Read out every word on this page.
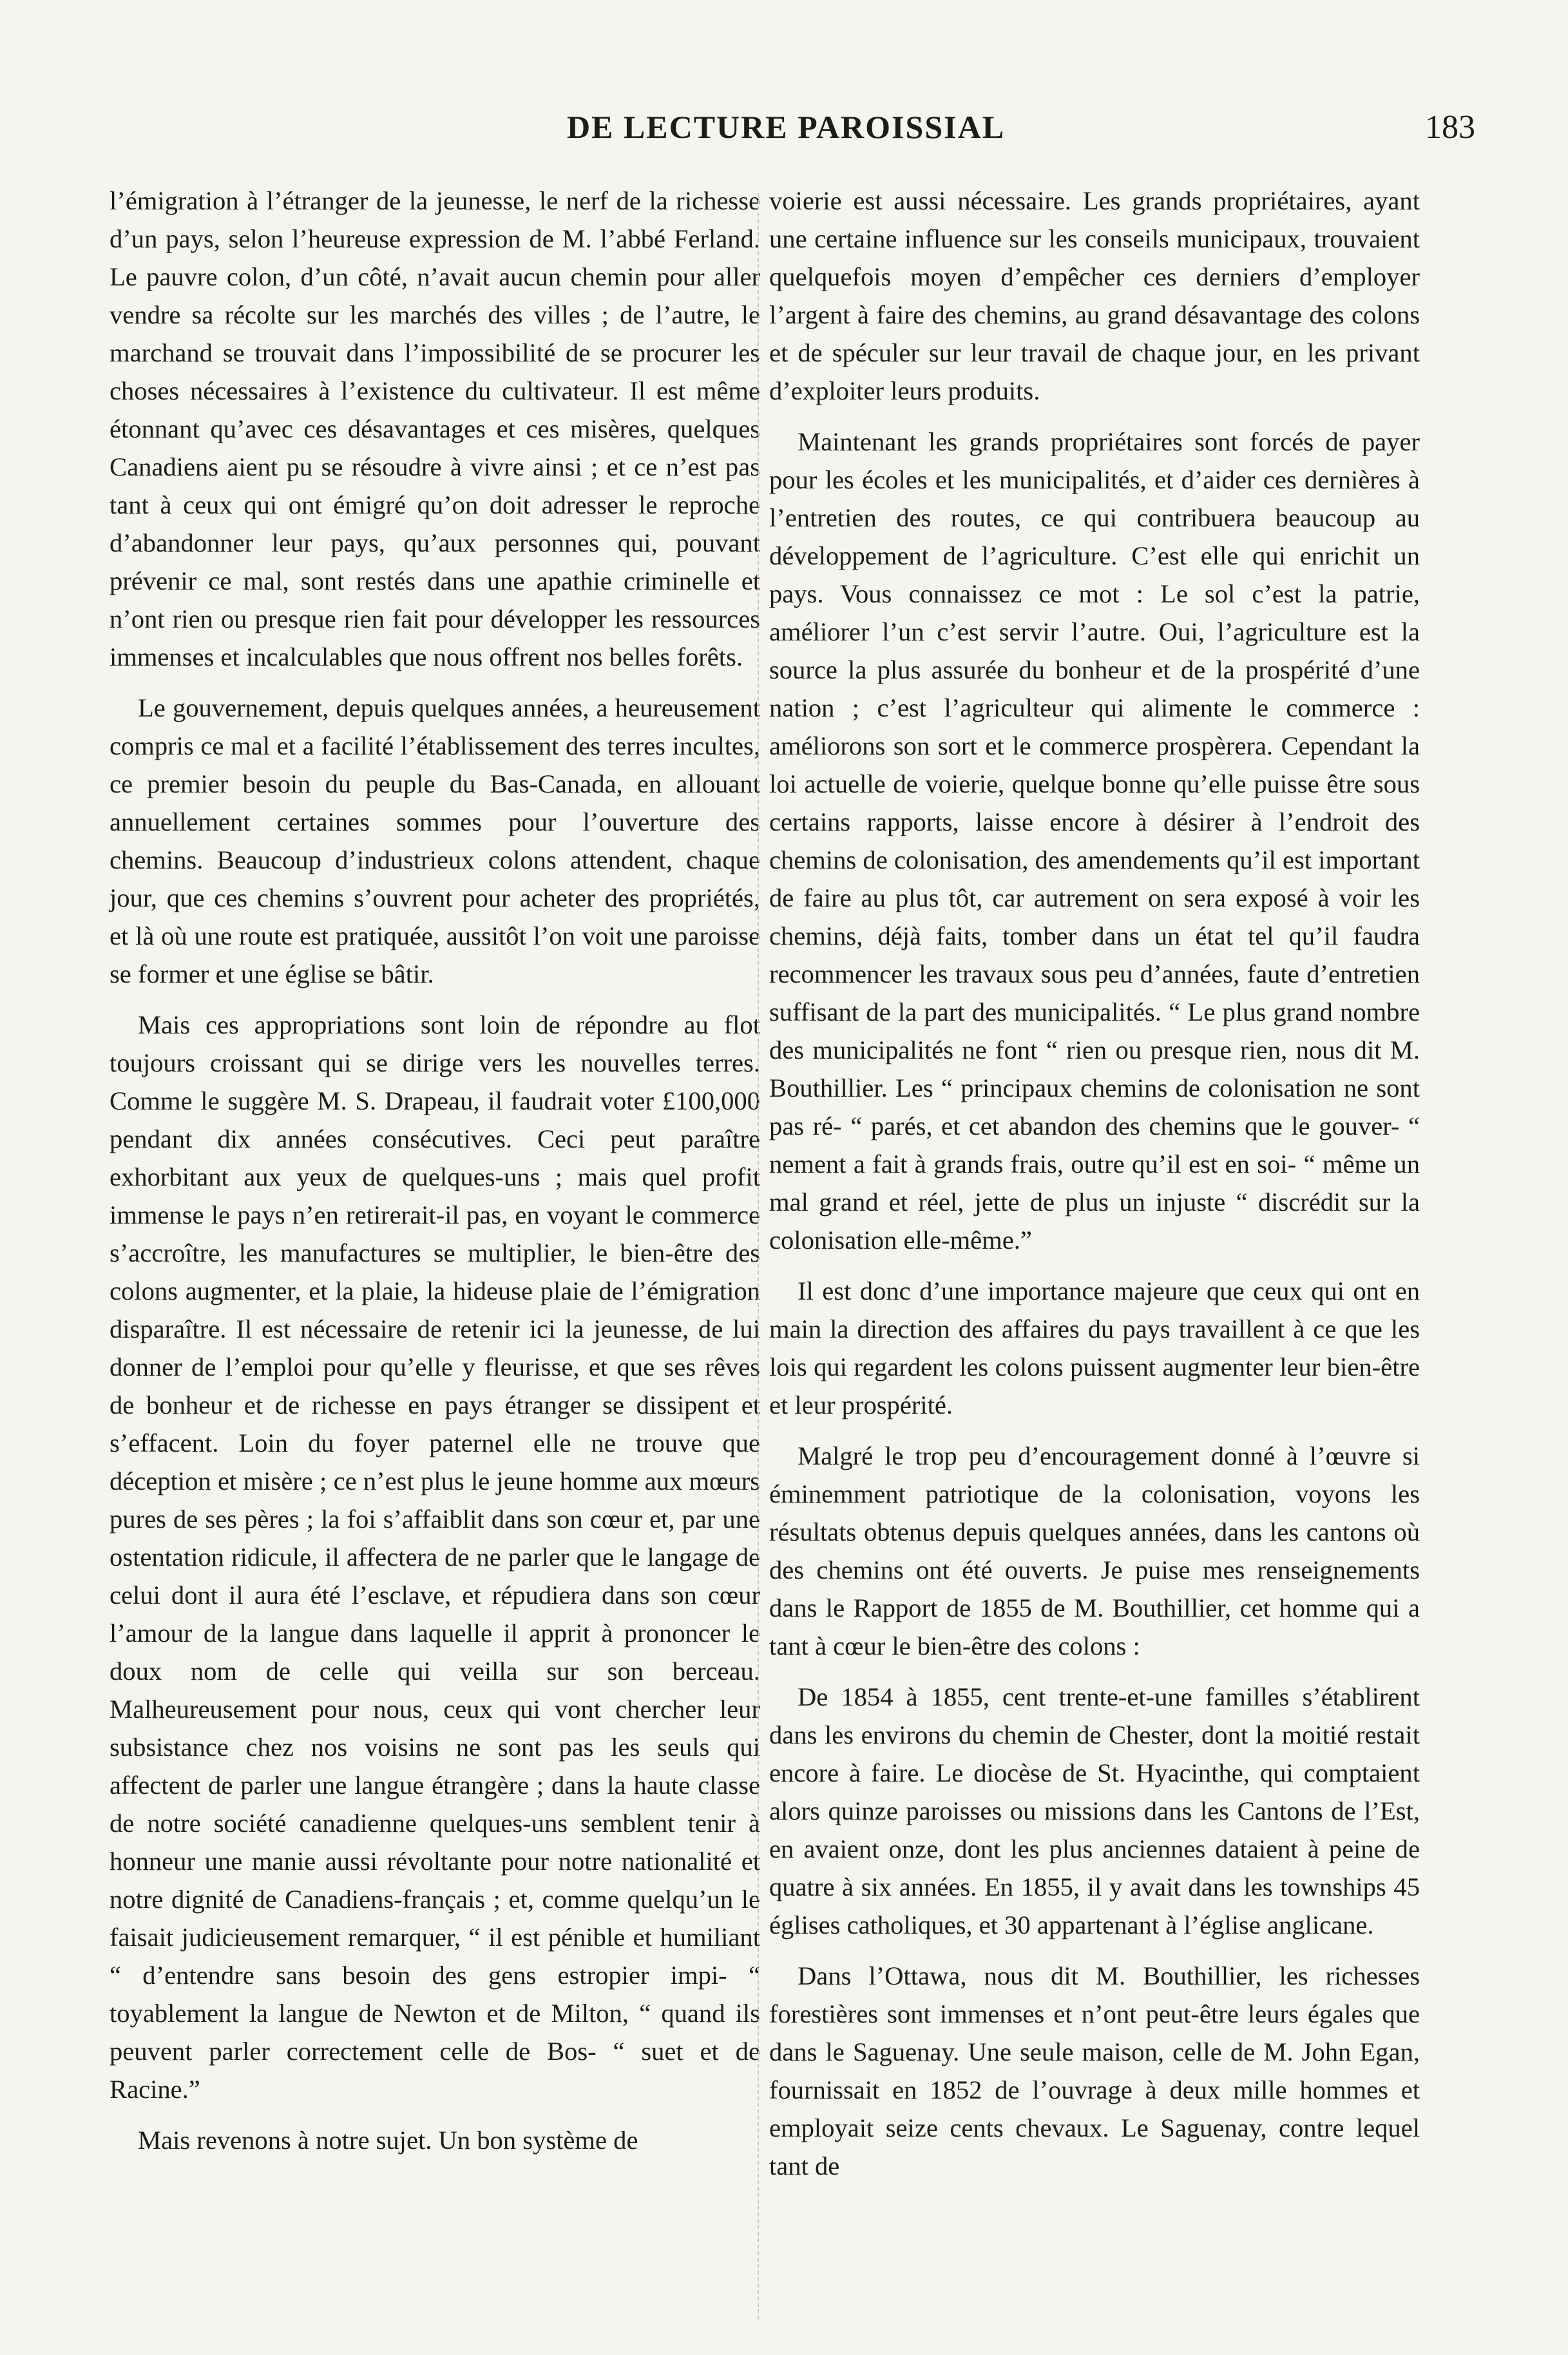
DE LECTURE PAROISSIAL	183

l’émigration à l’étranger de la jeunesse, le nerf de la richesse d’un pays, selon l’heureuse expression de M. l’abbé Ferland. Le pauvre colon, d’un côté, n’avait aucun chemin pour aller vendre sa récolte sur les marchés des villes ; de l’autre, le marchand se trouvait dans l’impossibilité de se procurer les choses nécessaires à l’existence du cultivateur. Il est même étonnant qu’avec ces désavantages et ces misères, quelques Canadiens aient pu se résoudre à vivre ainsi ; et ce n’est pas tant à ceux qui ont émigré qu’on doit adresser le reproche d’abandonner leur pays, qu’aux personnes qui, pouvant prévenir ce mal, sont restés dans une apathie criminelle et n’ont rien ou presque rien fait pour développer les ressources immenses et incalculables que nous offrent nos belles forêts.

Le gouvernement, depuis quelques années, a heureusement compris ce mal et a facilité l’établissement des terres incultes, ce premier besoin du peuple du Bas-Canada, en allouant annuellement certaines sommes pour l’ouverture des chemins. Beaucoup d’industrieux colons attendent, chaque jour, que ces chemins s’ouvrent pour acheter des propriétés, et là où une route est pratiquée, aussitôt l’on voit une paroisse se former et une église se bâtir.

Mais ces appropriations sont loin de répondre au flot toujours croissant qui se dirige vers les nouvelles terres. Comme le suggère M. S. Drapeau, il faudrait voter £100,000 pendant dix années consécutives. Ceci peut paraître exhorbitant aux yeux de quelques-uns ; mais quel profit immense le pays n’en retirerait-il pas, en voyant le commerce s’accroître, les manufactures se multiplier, le bien-être des colons augmenter, et la plaie, la hideuse plaie de l’émigration disparaître. Il est nécessaire de retenir ici la jeunesse, de lui donner de l’emploi pour qu’elle y fleurisse, et que ses rêves de bonheur et de richesse en pays étranger se dissipent et s’effacent. Loin du foyer paternel elle ne trouve que déception et misère ; ce n’est plus le jeune homme aux mœurs pures de ses pères ; la foi s’affaiblit dans son cœur et, par une ostentation ridicule, il affectera de ne parler que le langage de celui dont il aura été l’esclave, et répudiera dans son cœur l’amour de la langue dans laquelle il apprit à prononcer le doux nom de celle qui veilla sur son berceau. Malheureusement pour nous, ceux qui vont chercher leur subsistance chez nos voisins ne sont pas les seuls qui affectent de parler une langue étrangère ; dans la haute classe de notre société canadienne quelques-uns semblent tenir à honneur une manie aussi révoltante pour notre nationalité et notre dignité de Canadiens-français ; et, comme quelqu’un le faisait judicieusement remarquer, “ il est pénible et humiliant “ d’entendre sans besoin des gens estropier impi- “ toyablement la langue de Newton et de Milton, “ quand ils peuvent parler correctement celle de Bos- “ suet et de Racine.”

Mais revenons à notre sujet. Un bon système de

voierie est aussi nécessaire. Les grands propriétaires, ayant une certaine influence sur les conseils municipaux, trouvaient quelquefois moyen d’empêcher ces derniers d’employer l’argent à faire des chemins, au grand désavantage des colons et de spéculer sur leur travail de chaque jour, en les privant d’exploiter leurs produits.

Maintenant les grands propriétaires sont forcés de payer pour les écoles et les municipalités, et d’aider ces dernières à l’entretien des routes, ce qui contribuera beaucoup au développement de l’agriculture. C’est elle qui enrichit un pays. Vous connaissez ce mot : Le sol c’est la patrie, améliorer l’un c’est servir l’autre. Oui, l’agriculture est la source la plus assurée du bonheur et de la prospérité d’une nation ; c’est l’agriculteur qui alimente le commerce : améliorons son sort et le commerce prospèrera. Cependant la loi actuelle de voierie, quelque bonne qu’elle puisse être sous certains rapports, laisse encore à désirer à l’endroit des chemins de colonisation, des amendements qu’il est important de faire au plus tôt, car autrement on sera exposé à voir les chemins, déjà faits, tomber dans un état tel qu’il faudra recommencer les travaux sous peu d’années, faute d’entretien suffisant de la part des municipalités. “ Le plus grand nombre des municipalités ne font “ rien ou presque rien, nous dit M. Bouthillier. Les “ principaux chemins de colonisation ne sont pas ré- “ parés, et cet abandon des chemins que le gouver- “ nement a fait à grands frais, outre qu’il est en soi- “ même un mal grand et réel, jette de plus un injuste “ discrédit sur la colonisation elle-même.”

Il est donc d’une importance majeure que ceux qui ont en main la direction des affaires du pays travaillent à ce que les lois qui regardent les colons puissent augmenter leur bien-être et leur prospérité.

Malgré le trop peu d’encouragement donné à l’œuvre si éminemment patriotique de la colonisation, voyons les résultats obtenus depuis quelques années, dans les cantons où des chemins ont été ouverts. Je puise mes renseignements dans le Rapport de 1855 de M. Bouthillier, cet homme qui a tant à cœur le bien-être des colons :

De 1854 à 1855, cent trente-et-une familles s’établirent dans les environs du chemin de Chester, dont la moitié restait encore à faire. Le diocèse de St. Hyacinthe, qui comptaient alors quinze paroisses ou missions dans les Cantons de l’Est, en avaient onze, dont les plus anciennes dataient à peine de quatre à six années. En 1855, il y avait dans les townships 45 églises catholiques, et 30 appartenant à l’église anglicane.

Dans l’Ottawa, nous dit M. Bouthillier, les richesses forestières sont immenses et n’ont peut-être leurs égales que dans le Saguenay. Une seule maison, celle de M. John Egan, fournissait en 1852 de l’ouvrage à deux mille hommes et employait seize cents chevaux. Le Saguenay, contre lequel tant de
